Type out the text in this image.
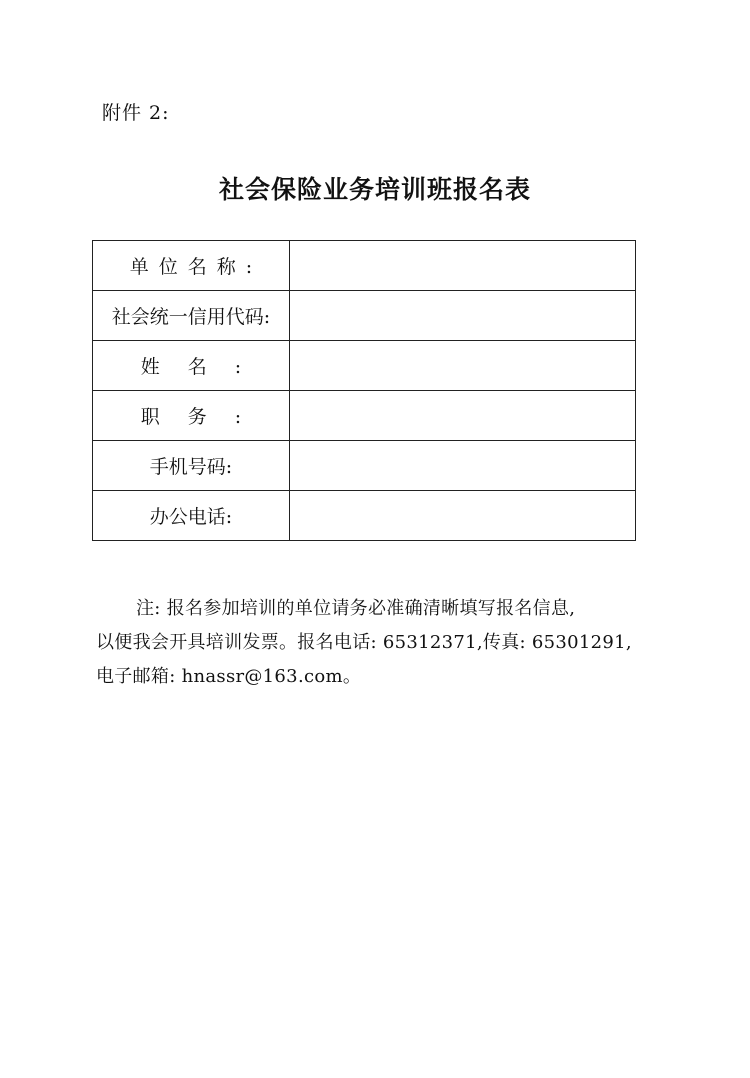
附件 2:
社会保险业务培训班报名表
单位名称:	
社会统一信用代码:	
姓名:	
职务:	
手机号码:	
办公电话:	

注: 报名参加培训的单位请务必准确清晰填写报名信息,

以便我会开具培训发票。报名电话: 65312371,传真: 65301291,

电子邮箱: hnassr@163.com。
